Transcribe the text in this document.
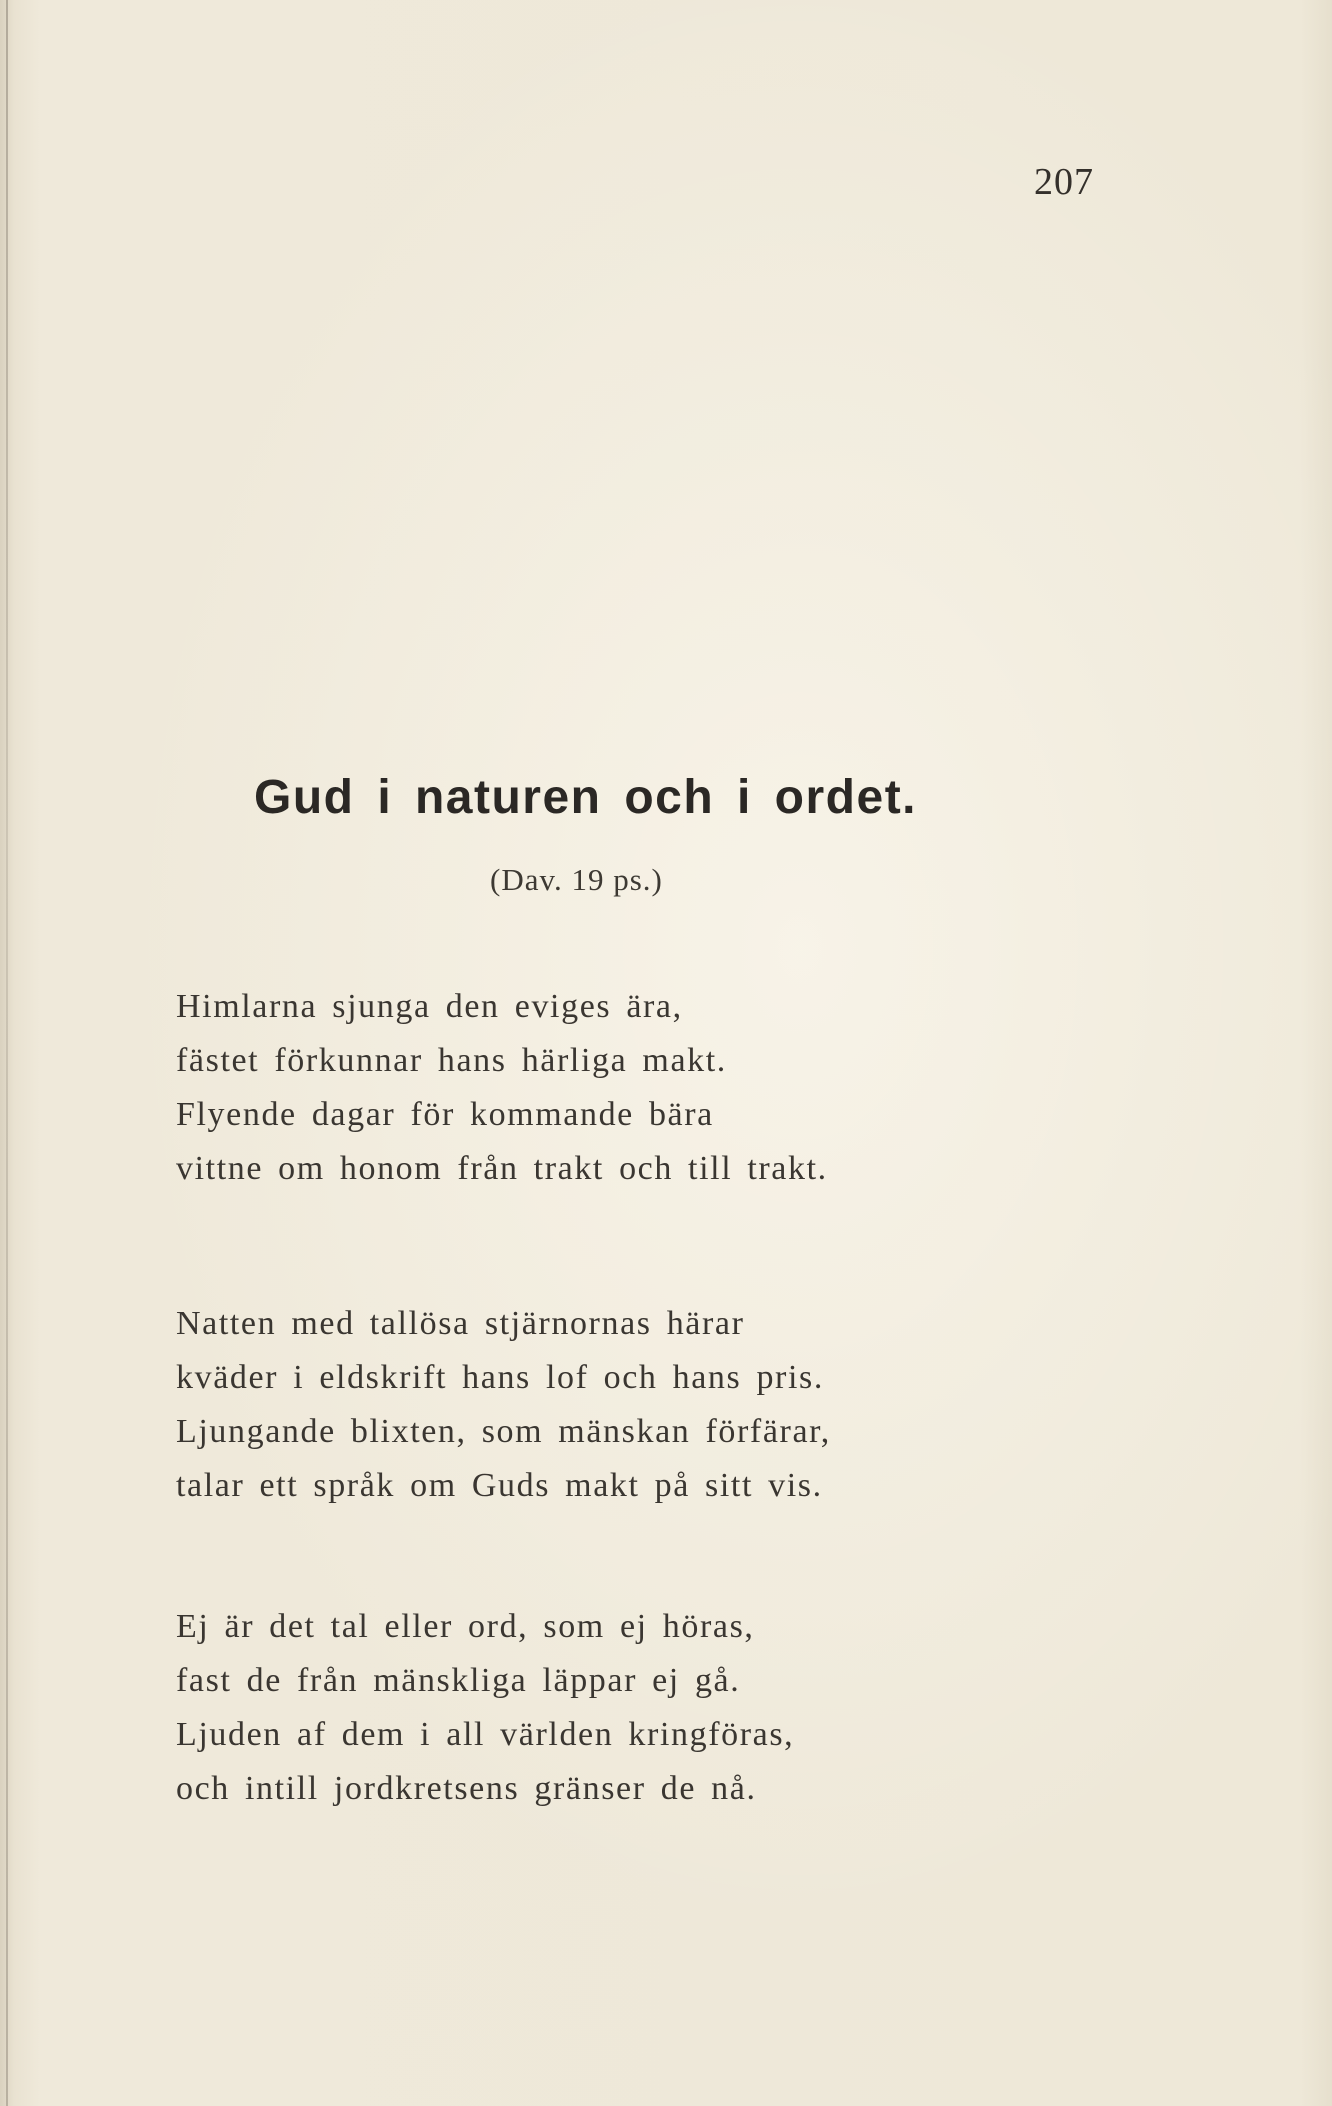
207
Gud i naturen och i ordet.
(Dav. 19 ps.)
Himlarna sjunga den eviges ära,
fästet förkunnar hans härliga makt.
Flyende dagar för kommande bära
vittne om honom från trakt och till trakt.
Natten med tallösa stjärnornas härar
kväder i eldskrift hans lof och hans pris.
Ljungande blixten, som mänskan förfärar,
talar ett språk om Guds makt på sitt vis.
Ej är det tal eller ord, som ej höras,
fast de från mänskliga läppar ej gå.
Ljuden af dem i all världen kringföras,
och intill jordkretsens gränser de nå.
